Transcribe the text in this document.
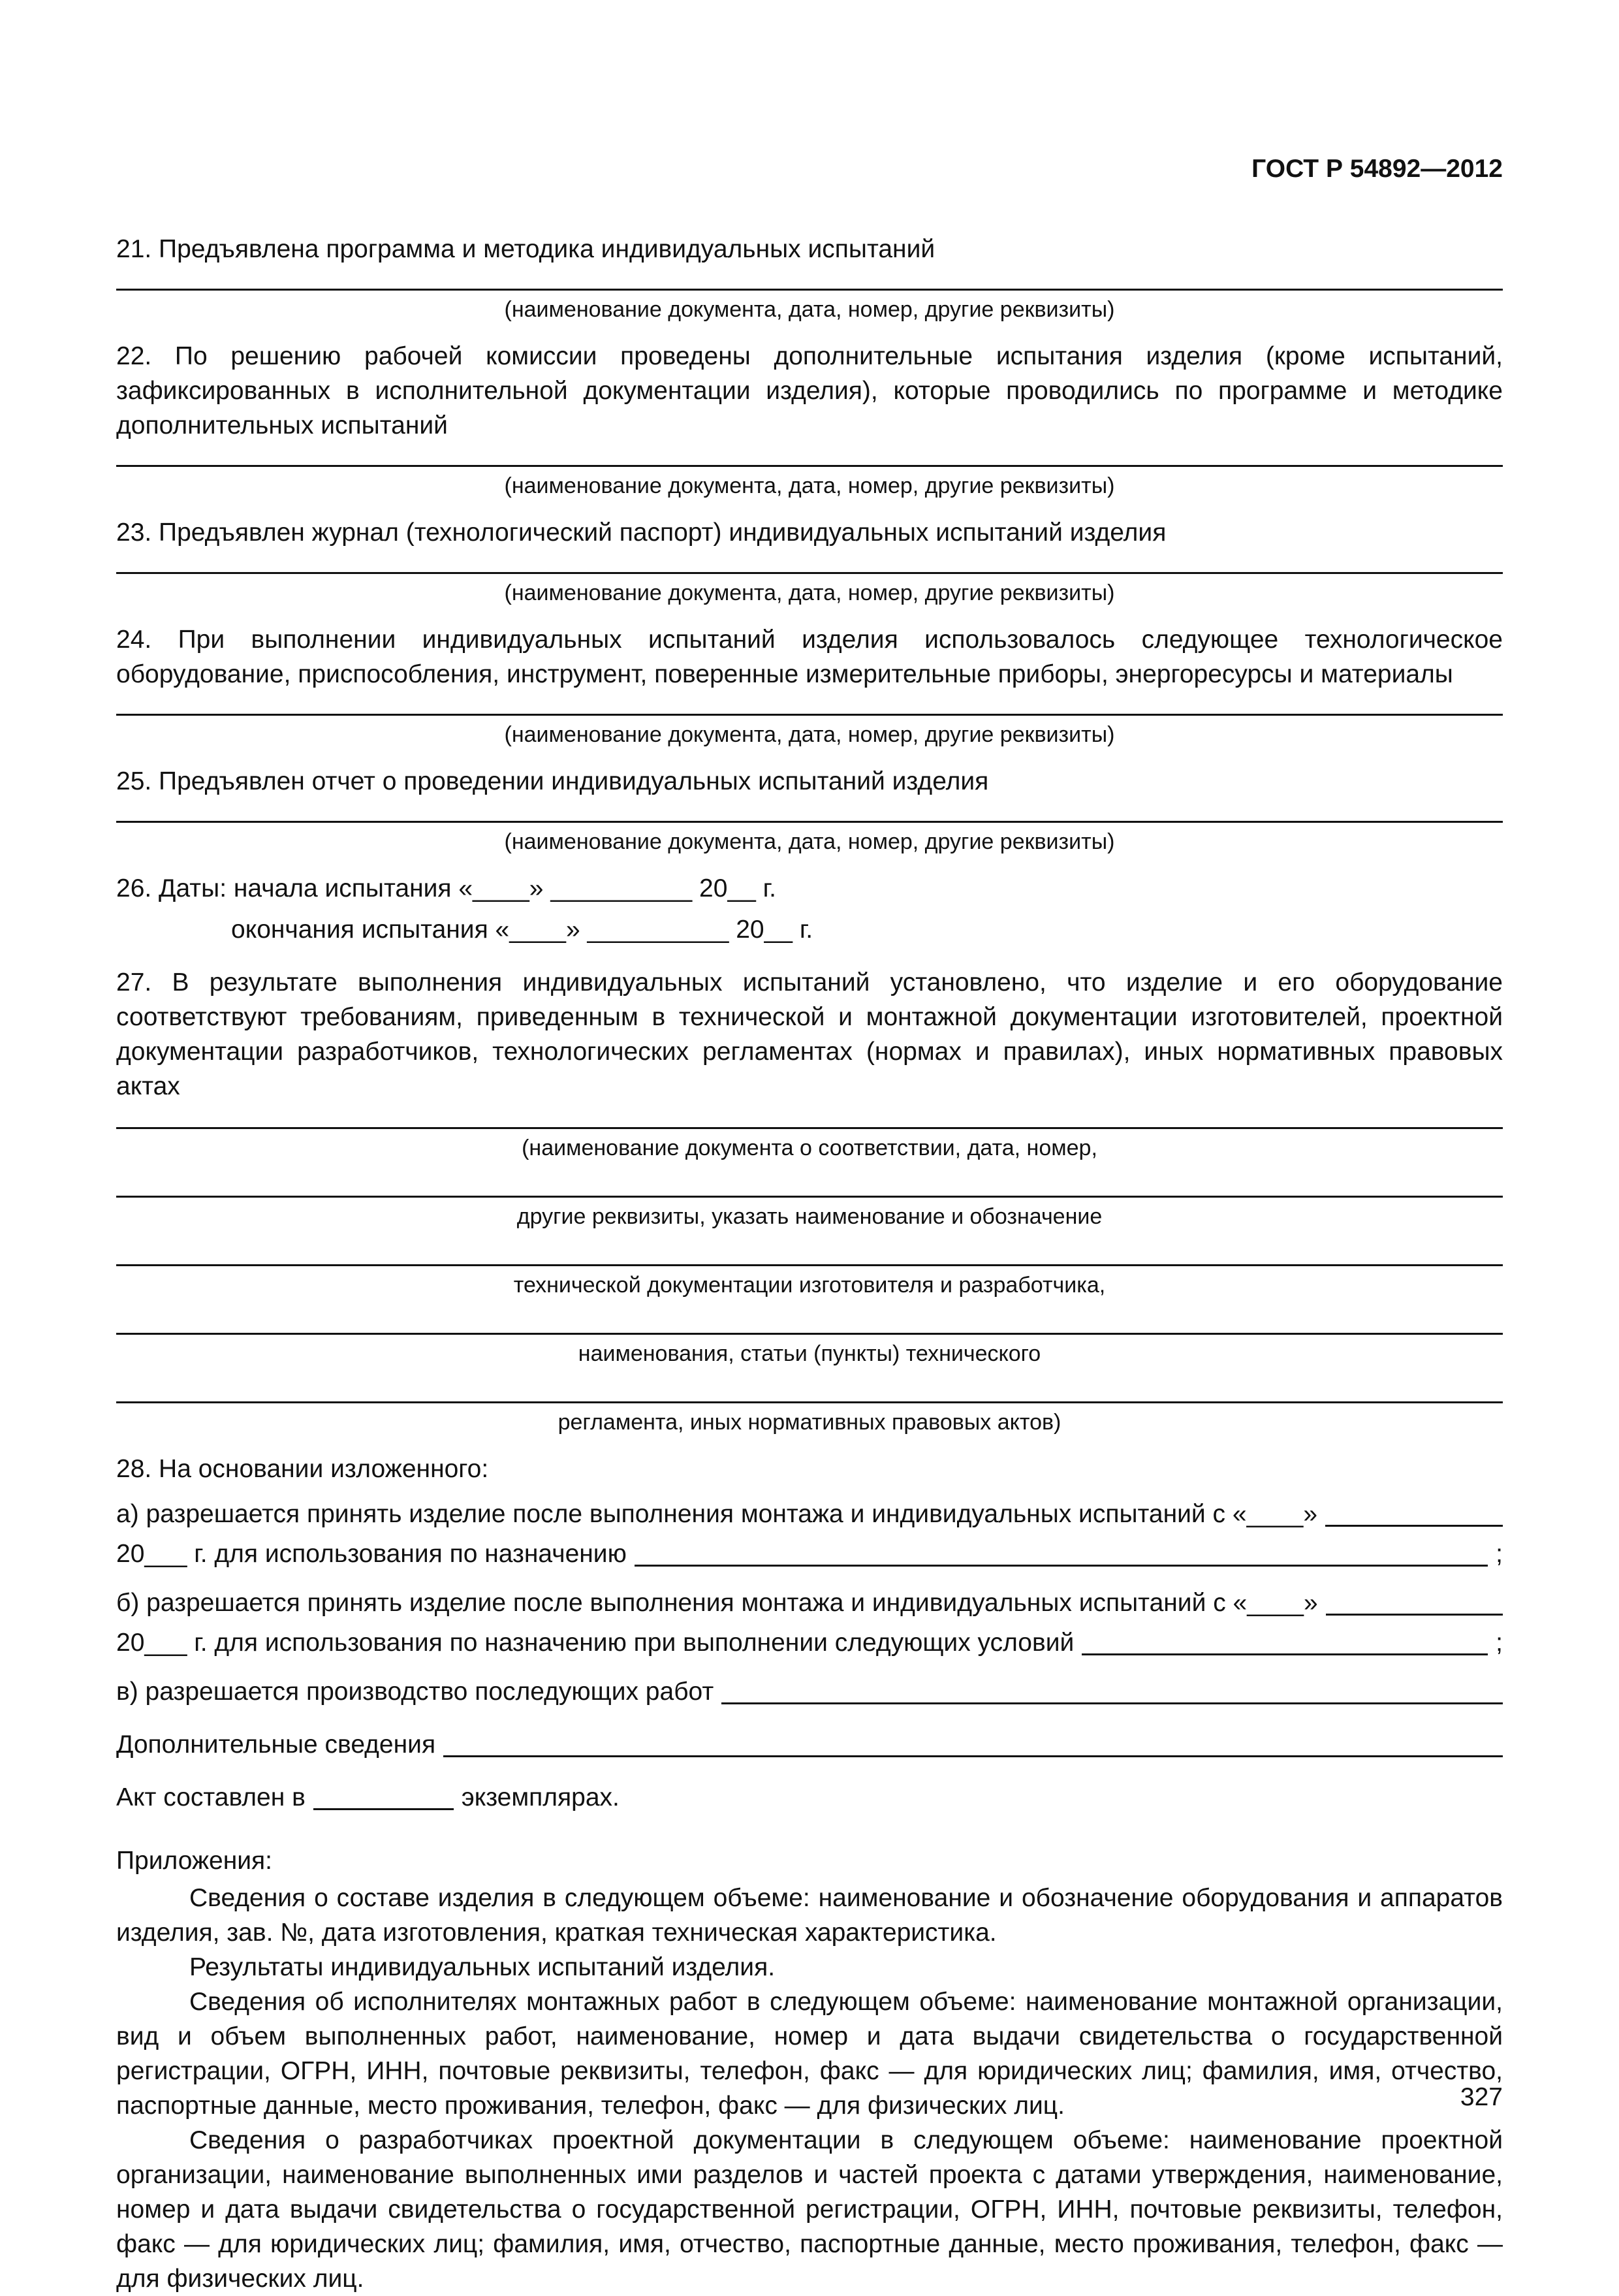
ГОСТ Р 54892—2012

21. Предъявлена программа и методика индивидуальных испытаний

(наименование документа, дата, номер, другие реквизиты)

22. По решению рабочей комиссии проведены дополнительные испытания изделия (кроме испытаний, зафиксированных в исполнительной документации изделия), которые проводились по программе и методике дополнительных испытаний

(наименование документа, дата, номер, другие реквизиты)

23. Предъявлен журнал (технологический паспорт) индивидуальных испытаний изделия

(наименование документа, дата, номер, другие реквизиты)

24. При выполнении индивидуальных испытаний изделия использовалось следующее технологическое оборудование, приспособления, инструмент, поверенные измерительные приборы, энергоресурсы и материалы

(наименование документа, дата, номер, другие реквизиты)

25. Предъявлен отчет о проведении индивидуальных испытаний изделия

(наименование документа, дата, номер, другие реквизиты)
26. Даты: начала испытания «____» __________ 20__ г.
окончания испытания «____» __________ 20__ г.

27. В результате выполнения индивидуальных испытаний установлено, что изделие и его оборудование соответствуют требованиям, приведенным в технической и монтажной документации изготовителей, проектной документации разработчиков, технологических регламентах (нормах и правилах), иных нормативных правовых актах

(наименование документа о соответствии, дата, номер,
другие реквизиты, указать наименование и обозначение
технической документации изготовителя и разработчика,
наименования, статьи (пункты) технического
регламента, иных нормативных правовых актов)
28. На основании изложенного:
а) разрешается принять изделие после выполнения монтажа и индивидуальных испытаний с «____»
20___ г. для использования по назначению	;
б) разрешается принять изделие после выполнения монтажа и индивидуальных испытаний с «____»
20___ г. для использования по назначению при выполнении следующих условий	;
в) разрешается производство последующих работ
Дополнительные сведения
Акт составлен в	экземплярах.
Приложения:

Сведения о составе изделия в следующем объеме: наименование и обозначение оборудования и аппаратов изделия, зав. №, дата изготовления, краткая техническая характеристика.

Результаты индивидуальных испытаний изделия.

Сведения об исполнителях монтажных работ в следующем объеме: наименование монтажной организации, вид и объем выполненных работ, наименование, номер и дата выдачи свидетельства о государственной регистрации, ОГРН, ИНН, почтовые реквизиты, телефон, факс — для юридических лиц; фамилия, имя, отчество, паспортные данные, место проживания, телефон, факс — для физических лиц.

Сведения о разработчиках проектной документации в следующем объеме: наименование проектной организации, наименование выполненных ими разделов и частей проекта с датами утверждения, наименование, номер и дата выдачи свидетельства о государственной регистрации, ОГРН, ИНН, почтовые реквизиты, телефон, факс — для юридических лиц; фамилия, имя, отчество, паспортные данные, место проживания, телефон, факс — для физических лиц.

327
